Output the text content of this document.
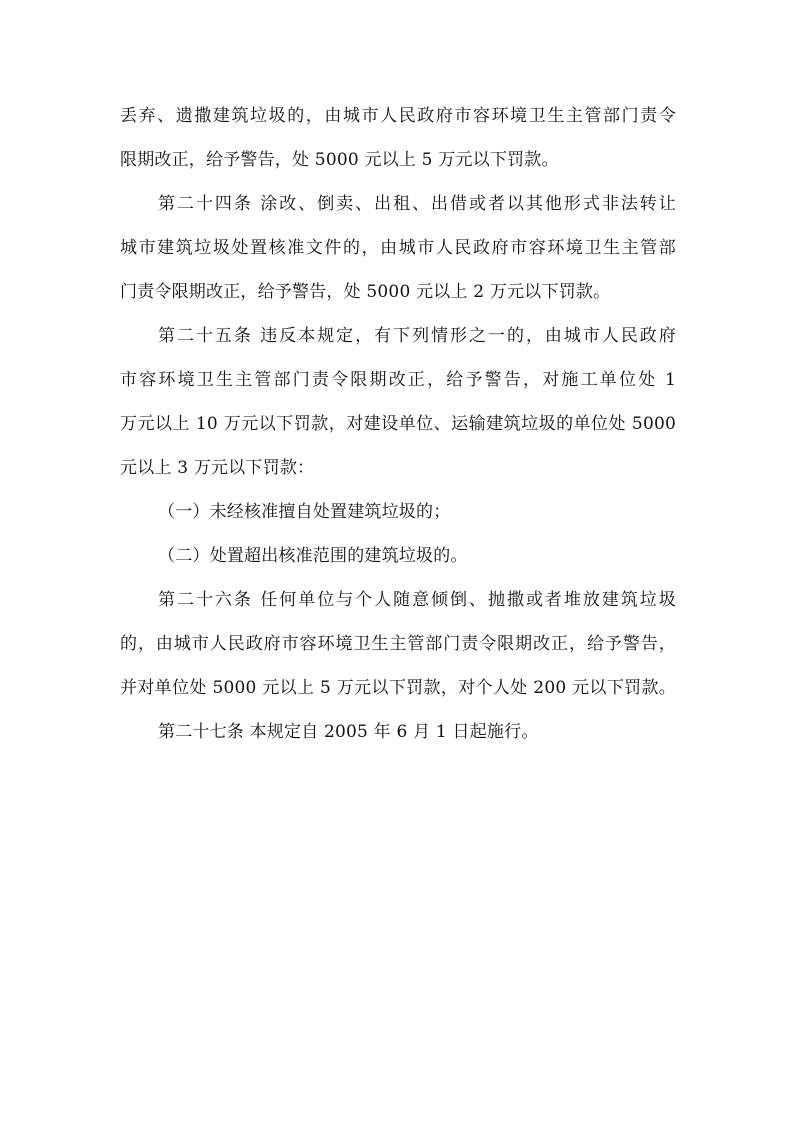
丢弃、遗撒建筑垃圾的，由城市人民政府市容环境卫生主管部门责令

限期改正，给予警告，处 5000 元以上 5 万元以下罚款。

第二十四条 涂改、倒卖、出租、出借或者以其他形式非法转让

城市建筑垃圾处置核准文件的，由城市人民政府市容环境卫生主管部

门责令限期改正，给予警告，处 5000 元以上 2 万元以下罚款。

第二十五条 违反本规定，有下列情形之一的，由城市人民政府

市容环境卫生主管部门责令限期改正，给予警告，对施工单位处 1

万元以上 10 万元以下罚款，对建设单位、运输建筑垃圾的单位处 5000

元以上 3 万元以下罚款：

（一）未经核准擅自处置建筑垃圾的；

（二）处置超出核准范围的建筑垃圾的。

第二十六条 任何单位与个人随意倾倒、抛撒或者堆放建筑垃圾

的，由城市人民政府市容环境卫生主管部门责令限期改正，给予警告，

并对单位处 5000 元以上 5 万元以下罚款，对个人处 200 元以下罚款。

第二十七条 本规定自 2005 年 6 月 1 日起施行。
